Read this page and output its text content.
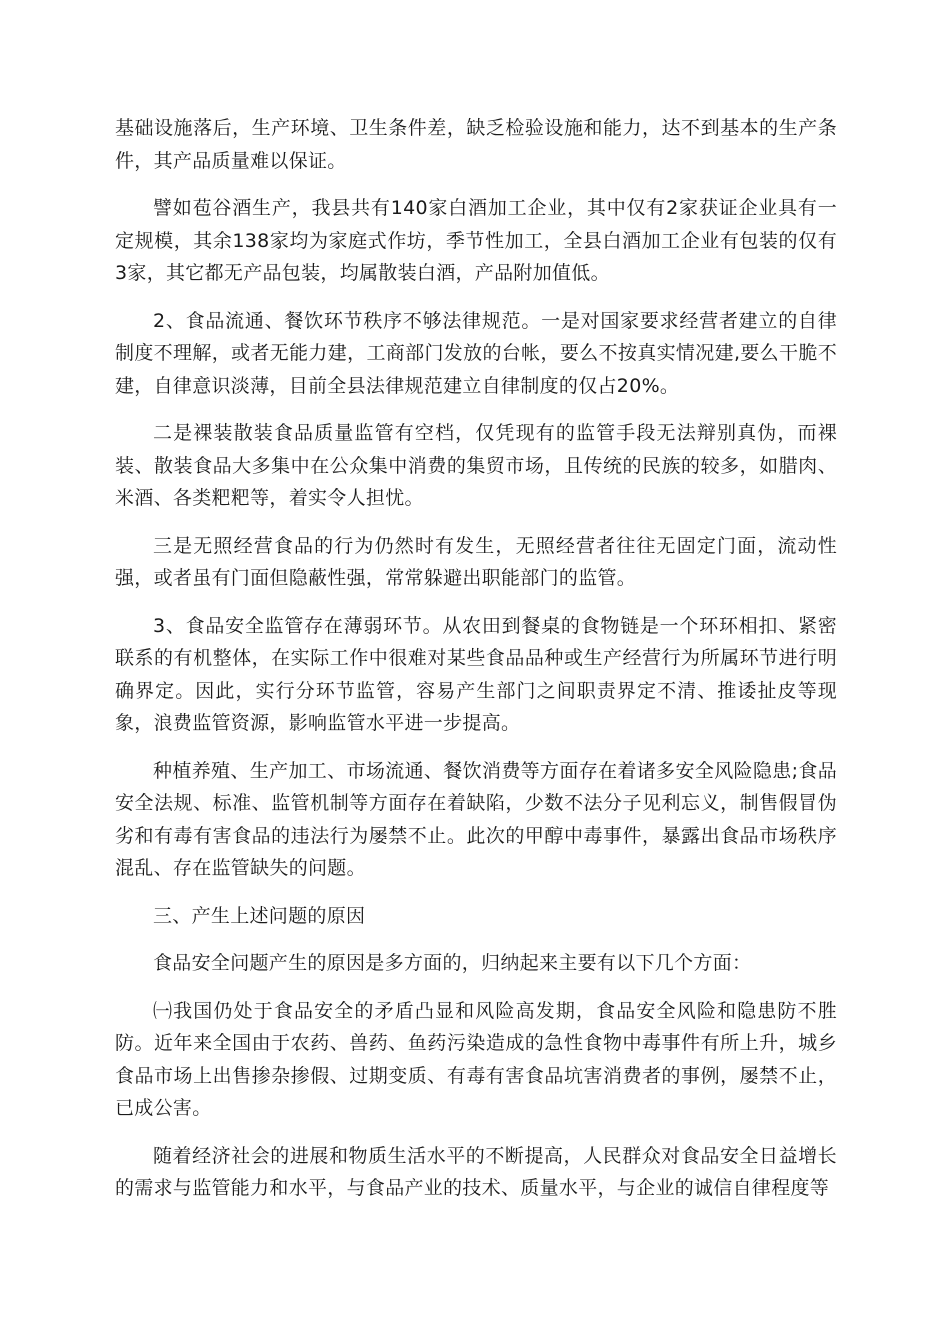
基础设施落后，生产环境、卫生条件差，缺乏检验设施和能力，达不到基本的生产条件，其产品质量难以保证。

譬如苞谷酒生产，我县共有140家白酒加工企业，其中仅有2家获证企业具有一定规模，其余138家均为家庭式作坊，季节性加工，全县白酒加工企业有包装的仅有3家，其它都无产品包装，均属散装白酒，产品附加值低。

2、食品流通、餐饮环节秩序不够法律规范。一是对国家要求经营者建立的自律制度不理解，或者无能力建，工商部门发放的台帐，要么不按真实情况建,要么干脆不建，自律意识淡薄，目前全县法律规范建立自律制度的仅占20%。

二是裸装散装食品质量监管有空档，仅凭现有的监管手段无法辩别真伪，而裸装、散装食品大多集中在公众集中消费的集贸市场，且传统的民族的较多，如腊肉、米酒、各类粑粑等，着实令人担忧。

三是无照经营食品的行为仍然时有发生，无照经营者往往无固定门面，流动性强，或者虽有门面但隐蔽性强，常常躲避出职能部门的监管。

3、食品安全监管存在薄弱环节。从农田到餐桌的食物链是一个环环相扣、紧密联系的有机整体，在实际工作中很难对某些食品品种或生产经营行为所属环节进行明确界定。因此，实行分环节监管，容易产生部门之间职责界定不清、推诿扯皮等现象，浪费监管资源，影响监管水平进一步提高。

种植养殖、生产加工、市场流通、餐饮消费等方面存在着诸多安全风险隐患;食品安全法规、标准、监管机制等方面存在着缺陷，少数不法分子见利忘义，制售假冒伪劣和有毒有害食品的违法行为屡禁不止。此次的甲醇中毒事件，暴露出食品市场秩序混乱、存在监管缺失的问题。

三、产生上述问题的原因

食品安全问题产生的原因是多方面的，归纳起来主要有以下几个方面：

㈠我国仍处于食品安全的矛盾凸显和风险高发期，食品安全风险和隐患防不胜防。近年来全国由于农药、兽药、鱼药污染造成的急性食物中毒事件有所上升，城乡食品市场上出售掺杂掺假、过期变质、有毒有害食品坑害消费者的事例，屡禁不止，已成公害。

随着经济社会的进展和物质生活水平的不断提高，人民群众对食品安全日益增长的需求与监管能力和水平，与食品产业的技术、质量水平，与企业的诚信自律程度等
